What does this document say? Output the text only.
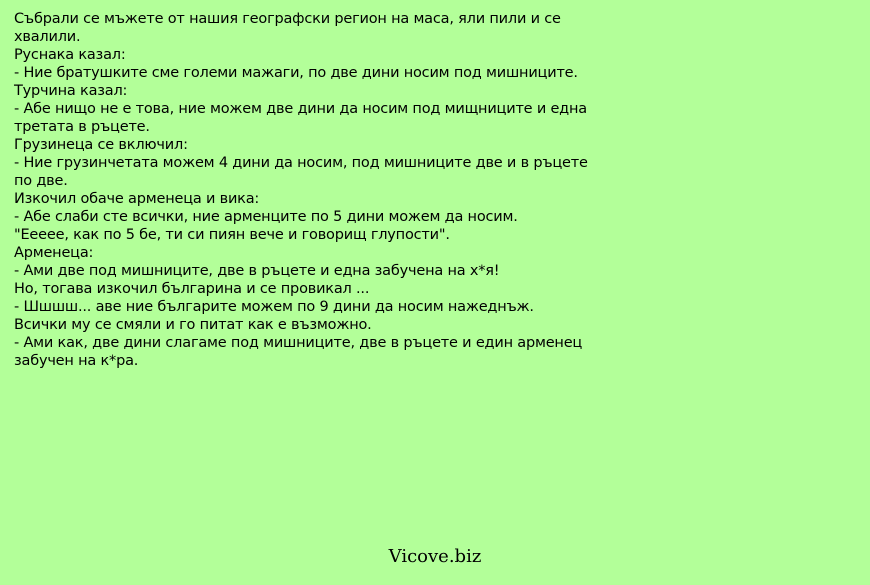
Събрали се мъжете от нашия географски регион на маса, яли пили и се хвалили.
Руснака казал:
- Ние братушките сме големи мажаги, по две дини носим под мишниците.
Турчина казал:
- Абе нищо не е това, ние можем две дини да носим под мищниците и една третата в ръцете.
Грузинеца се включил:
- Ние грузинчетата можем 4 дини да носим, под мишниците две и в ръцете по две.
Изкочил обаче арменеца и вика:
- Абе слаби сте всички, ние арменците по 5 дини можем да носим.
"Еееее, как по 5 бе, ти си пиян вече и говорищ глупости".
Арменеца:
- Ами две под мишниците, две в ръцете и една забучена на х*я!
Но, тогава изкочил българина и се провикал ...
- Шшшш... аве ние българите можем по 9 дини да носим нажеднъж.
Всички му се смяли и го питат как е възможно.
- Ами как, две дини слагаме под мишниците, две в ръцете и един арменец забучен на к*ра.
Vicove.biz
